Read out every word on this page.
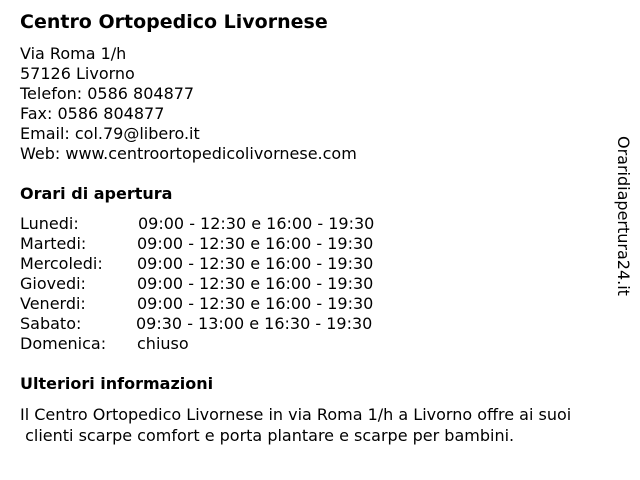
Centro Ortopedico Livornese
Via Roma 1/h
57126 Livorno
Telefon: 0586 804877
Fax: 0586 804877
Email: col.79@libero.it
Web: www.centroortopedicolivornese.com
Orari di apertura
Lunedi:	09:00 - 12:30 e 16:00 - 19:30
Martedi:	09:00 - 12:30 e 16:00 - 19:30
Mercoledi: 09:00 - 12:30 e 16:00 - 19:30
Giovedi:	09:00 - 12:30 e 16:00 - 19:30
Venerdi:	09:00 - 12:30 e 16:00 - 19:30
Sabato:	09:30 - 13:00 e 16:30 - 19:30
Domenica: chiuso
Ulteriori informazioni
Il Centro Ortopedico Livornese in via Roma 1/h a Livorno offre ai suoi
clienti scarpe comfort e porta plantare e scarpe per bambini.
Oraridiapertura24.it
